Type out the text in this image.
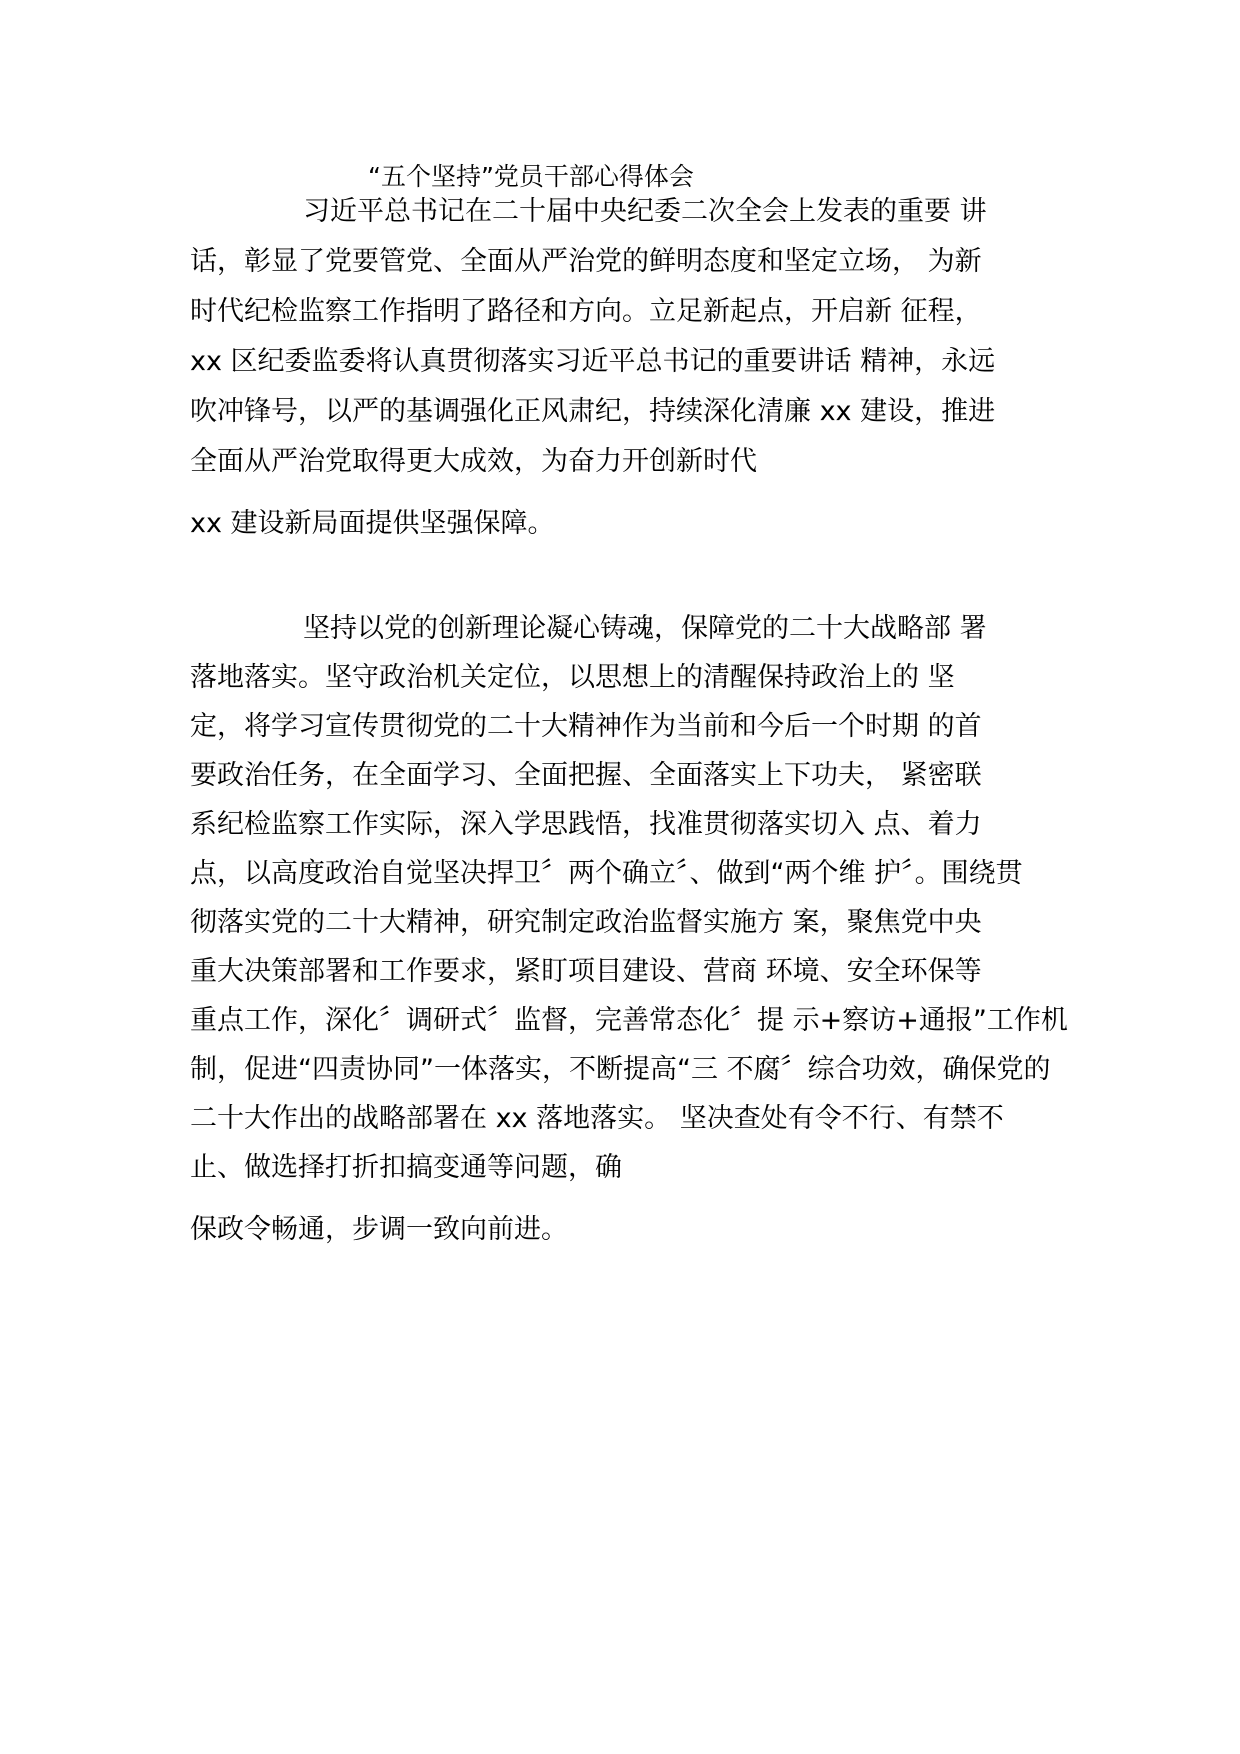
“五个坚持”党员干部心得体会
习近平总书记在二十届中央纪委二次全会上发表的重要 讲
话，彰显了党要管党、全面从严治党的鲜明态度和坚定立场， 为新
时代纪检监察工作指明了路径和方向。立足新起点，开启新 征程，
xx 区纪委监委将认真贯彻落实习近平总书记的重要讲话 精神，永远
吹冲锋号，以严的基调强化正风肃纪，持续深化清廉 xx 建设，推进
全面从严治党取得更大成效，为奋力开创新时代
xx 建设新局面提供坚强保障。
坚持以党的创新理论凝心铸魂，保障党的二十大战略部 署
落地落实。坚守政治机关定位，以思想上的清醒保持政治上的 坚
定，将学习宣传贯彻党的二十大精神作为当前和今后一个时期 的首
要政治任务，在全面学习、全面把握、全面落实上下功夫， 紧密联
系纪检监察工作实际，深入学思践悟，找准贯彻落实切入 点、着力
点，以高度政治自觉坚决捍卫〞两个确立〞、做到“两个维 护〞。围绕贯
彻落实党的二十大精神，研究制定政治监督实施方 案，聚焦党中央
重大决策部署和工作要求，紧盯项目建设、营商 环境、安全环保等
重点工作，深化〞调研式〞监督，完善常态化〞提 示+察访+通报”工作机
制，促进“四责协同”一体落实，不断提高“三 不腐〞综合功效，确保党的
二十大作出的战略部署在 xx 落地落实。 坚决查处有令不行、有禁不
止、做选择打折扣搞变通等问题，确
保政令畅通，步调一致向前进。
